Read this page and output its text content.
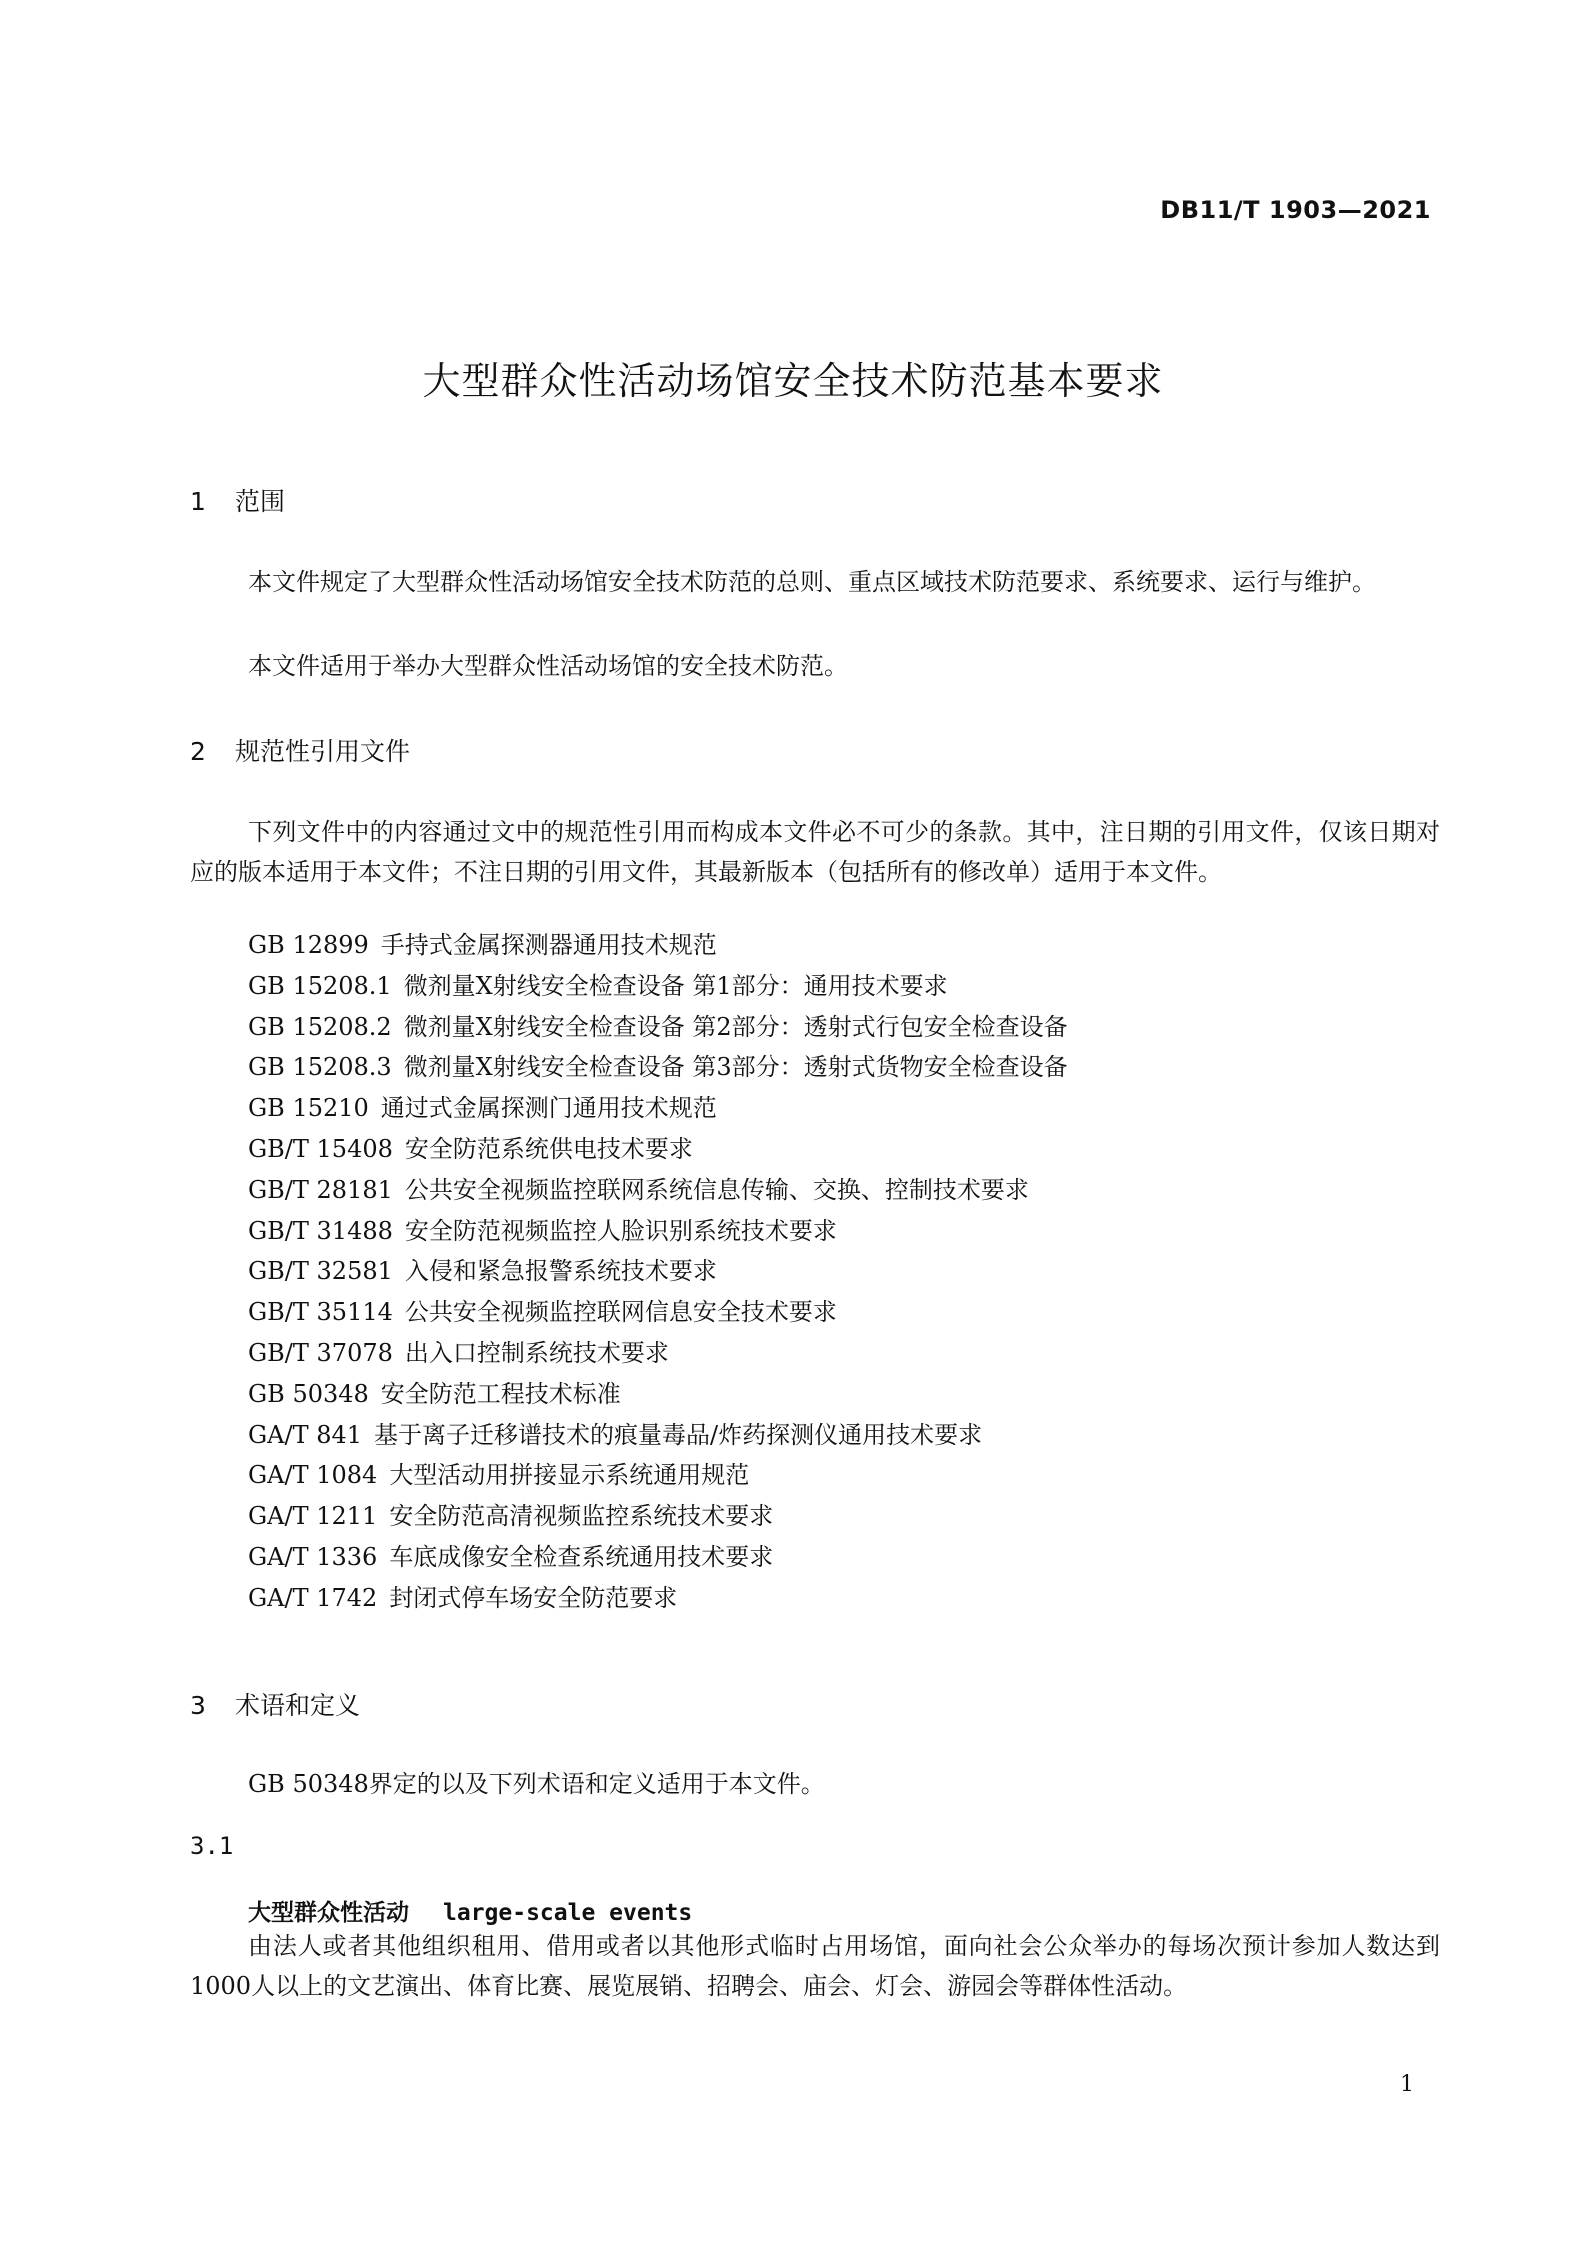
DB11/T 1903—2021
大型群众性活动场馆安全技术防范基本要求
1 范围
本文件规定了大型群众性活动场馆安全技术防范的总则、重点区域技术防范要求、系统要求、运行与维护。
本文件适用于举办大型群众性活动场馆的安全技术防范。
2 规范性引用文件
下列文件中的内容通过文中的规范性引用而构成本文件必不可少的条款。其中，注日期的引用文件，仅该日期对应的版本适用于本文件；不注日期的引用文件，其最新版本（包括所有的修改单）适用于本文件。
GB 12899 手持式金属探测器通用技术规范
GB 15208.1 微剂量X射线安全检查设备 第1部分：通用技术要求
GB 15208.2 微剂量X射线安全检查设备 第2部分：透射式行包安全检查设备
GB 15208.3 微剂量X射线安全检查设备 第3部分：透射式货物安全检查设备
GB 15210 通过式金属探测门通用技术规范
GB/T 15408 安全防范系统供电技术要求
GB/T 28181 公共安全视频监控联网系统信息传输、交换、控制技术要求
GB/T 31488 安全防范视频监控人脸识别系统技术要求
GB/T 32581 入侵和紧急报警系统技术要求
GB/T 35114 公共安全视频监控联网信息安全技术要求
GB/T 37078 出入口控制系统技术要求
GB 50348 安全防范工程技术标准
GA/T 841 基于离子迁移谱技术的痕量毒品/炸药探测仪通用技术要求
GA/T 1084 大型活动用拼接显示系统通用规范
GA/T 1211 安全防范高清视频监控系统技术要求
GA/T 1336 车底成像安全检查系统通用技术要求
GA/T 1742 封闭式停车场安全防范要求
3 术语和定义
GB 50348界定的以及下列术语和定义适用于本文件。
3.1
大型群众性活动 large-scale events
由法人或者其他组织租用、借用或者以其他形式临时占用场馆，面向社会公众举办的每场次预计参加人数达到1000人以上的文艺演出、体育比赛、展览展销、招聘会、庙会、灯会、游园会等群体性活动。
1
